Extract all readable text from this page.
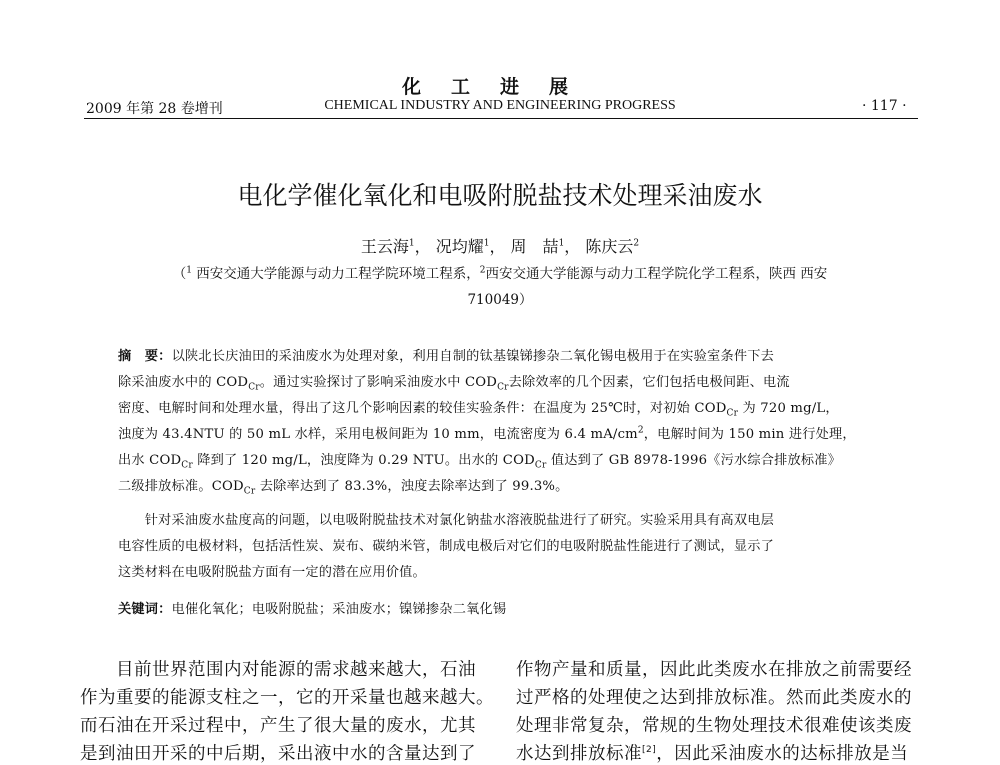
化工进展
2009 年第 28 卷增刊	CHEMICAL INDUSTRY AND ENGINEERING PROGRESS	· 117 ·
电化学催化氧化和电吸附脱盐技术处理采油废水
王云海$^1$， 况均耀$^1$， 周　喆$^1$， 陈庆云$^2$
（$^1$ 西安交通大学能源与动力工程学院环境工程系，$^2$西安交通大学能源与动力工程学院化学工程系，陕西 西安
710049）
摘　要：以陕北长庆油田的采油废水为处理对象，利用自制的钛基镍锑掺杂二氧化锡电极用于在实验室条件下去
除采油废水中的 $COD_{Cr}$。通过实验探讨了影响采油废水中 $COD_{Cr}$去除效率的几个因素，它们包括电极间距、电流
密度、电解时间和处理水量，得出了这几个影响因素的较佳实验条件：在温度为 25℃时，对初始 $COD_{Cr}$ 为 720 mg/L，
浊度为 43.4NTU 的 50 mL 水样，采用电极间距为 10 mm，电流密度为 6.4 $mA/cm^2$，电解时间为 150 min 进行处理，
出水 $COD_{Cr}$ 降到了 120 mg/L，浊度降为 0.29 NTU。出水的 $COD_{Cr}$ 值达到了 GB 8978-1996《污水综合排放标准》
二级排放标准。$COD_{Cr}$ 去除率达到了 83.3%，浊度去除率达到了 99.3%。
　　针对采油废水盐度高的问题，以电吸附脱盐技术对氯化钠盐水溶液脱盐进行了研究。实验采用具有高双电层
电容性质的电极材料，包括活性炭、炭布、碳纳米管，制成电极后对它们的电吸附脱盐性能进行了测试，显示了
这类材料在电吸附脱盐方面有一定的潜在应用价值。
关键词：电催化氧化；电吸附脱盐；采油废水；镍锑掺杂二氧化锡
　　目前世界范围内对能源的需求越来越大，石油
作为重要的能源支柱之一，它的开采量也越来越大。
而石油在开采过程中，产生了很大量的废水，尤其
是到油田开采的中后期，采出液中水的含量达到了
作物产量和质量，因此此类废水在排放之前需要经
过严格的处理使之达到排放标准。然而此类废水的
处理非常复杂，常规的生物处理技术很难使该类废
水达到排放标准[2]，因此采油废水的达标排放是当
